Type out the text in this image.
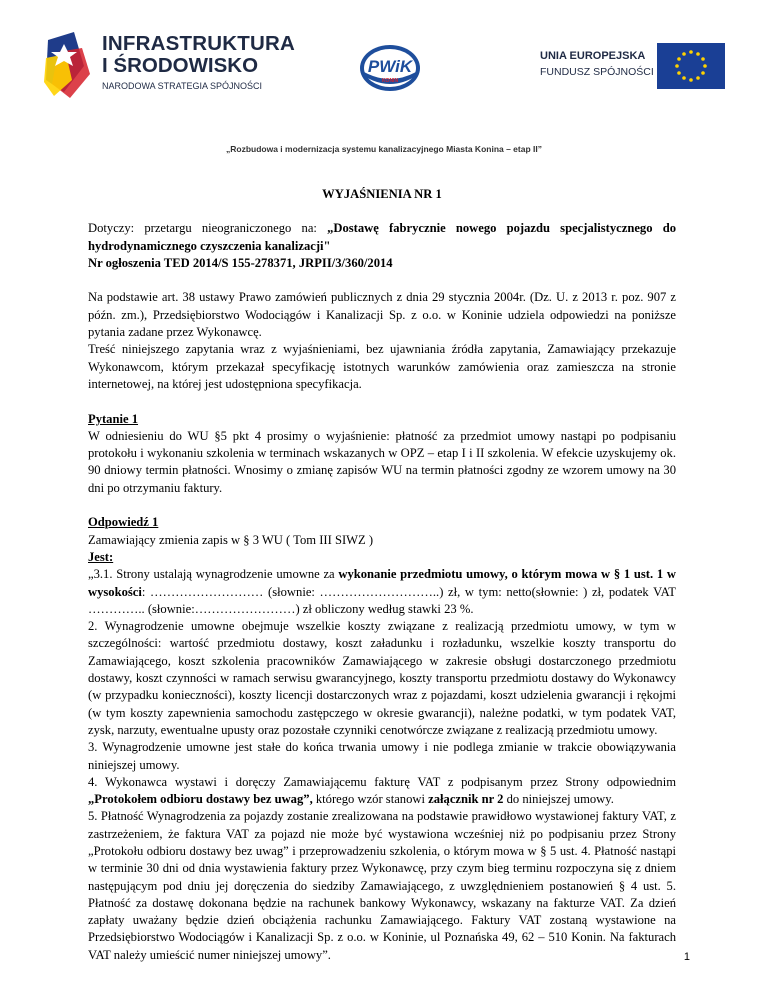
INFRASTRUKTURA
I ŚRODOWISKO
NARODOWA STRATEGIA SPÓJNOŚCI
PWiK
KONIN
UNIA EUROPEJSKA
FUNDUSZ SPÓJNOŚCI
„Rozbudowa i modernizacja systemu kanalizacyjnego Miasta Konina – etap II”

WYJAŚNIENIA NR 1

Dotyczy: przetargu nieograniczonego na: „Dostawę fabrycznie nowego pojazdu specjalistycznego do hydrodynamicznego czyszczenia kanalizacji"

Nr ogłoszenia TED 2014/S 155-278371, JRPII/3/360/2014

Na podstawie art. 38 ustawy Prawo zamówień publicznych z dnia 29 stycznia 2004r. (Dz. U. z 2013 r. poz. 907 z późn. zm.), Przedsiębiorstwo Wodociągów i Kanalizacji Sp. z o.o. w Koninie udziela odpowiedzi na poniższe pytania zadane przez Wykonawcę.

Treść niniejszego zapytania wraz z wyjaśnieniami, bez ujawniania źródła zapytania, Zamawiający przekazuje Wykonawcom, którym przekazał specyfikację istotnych warunków zamówienia oraz zamieszcza na stronie internetowej, na której jest udostępniona specyfikacja.

Pytanie 1

W odniesieniu do WU §5 pkt 4 prosimy o wyjaśnienie: płatność za przedmiot umowy nastąpi po podpisaniu protokołu i wykonaniu szkolenia w terminach wskazanych w OPZ – etap I i II szkolenia. W efekcie uzyskujemy ok. 90 dniowy termin płatności. Wnosimy o zmianę zapisów WU na termin płatności zgodny ze wzorem umowy na 30 dni po otrzymaniu faktury.

Odpowiedź 1

Zamawiający zmienia zapis w § 3 WU ( Tom III SIWZ )

Jest:

„3.1. Strony ustalają wynagrodzenie umowne za wykonanie przedmiotu umowy, o którym mowa w § 1 ust. 1 w wysokości: ……………………… (słownie: ………………………..) zł, w tym: netto(słownie: ) zł, podatek VAT ………….. (słownie:……………………) zł obliczony według stawki 23 %.

2. Wynagrodzenie umowne obejmuje wszelkie koszty związane z realizacją przedmiotu umowy, w tym w szczególności: wartość przedmiotu dostawy, koszt załadunku i rozładunku, wszelkie koszty transportu do Zamawiającego, koszt szkolenia pracowników Zamawiającego w zakresie obsługi dostarczonego przedmiotu dostawy, koszt czynności w ramach serwisu gwarancyjnego, koszty transportu przedmiotu dostawy do Wykonawcy (w przypadku konieczności), koszty licencji dostarczonych wraz z pojazdami, koszt udzielenia gwarancji i rękojmi (w tym koszty zapewnienia samochodu zastępczego w okresie gwarancji), należne podatki, w tym podatek VAT, zysk, narzuty, ewentualne upusty oraz pozostałe czynniki cenotwórcze związane z realizacją przedmiotu umowy.

3. Wynagrodzenie umowne jest stałe do końca trwania umowy i nie podlega zmianie w trakcie obowiązywania niniejszej umowy.

4. Wykonawca wystawi i doręczy Zamawiającemu fakturę VAT z podpisanym przez Strony odpowiednim „Protokołem odbioru dostawy bez uwag”, którego wzór stanowi załącznik nr 2 do niniejszej umowy.

5. Płatność Wynagrodzenia za pojazdy zostanie zrealizowana na podstawie prawidłowo wystawionej faktury VAT, z zastrzeżeniem, że faktura VAT za pojazd nie może być wystawiona wcześniej niż po podpisaniu przez Strony „Protokołu odbioru dostawy bez uwag” i przeprowadzeniu szkolenia, o którym mowa w § 5 ust. 4. Płatność nastąpi w terminie 30 dni od dnia wystawienia faktury przez Wykonawcę, przy czym bieg terminu rozpoczyna się z dniem następującym pod dniu jej doręczenia do siedziby Zamawiającego, z uwzględnieniem postanowień § 4 ust. 5. Płatność za dostawę dokonana będzie na rachunek bankowy Wykonawcy, wskazany na fakturze VAT. Za dzień zapłaty uważany będzie dzień obciążenia rachunku Zamawiającego. Faktury VAT zostaną wystawione na Przedsiębiorstwo Wodociągów i Kanalizacji Sp. z o.o. w Koninie, ul Poznańska 49, 62 – 510 Konin. Na fakturach VAT należy umieścić numer niniejszej umowy”.	1
